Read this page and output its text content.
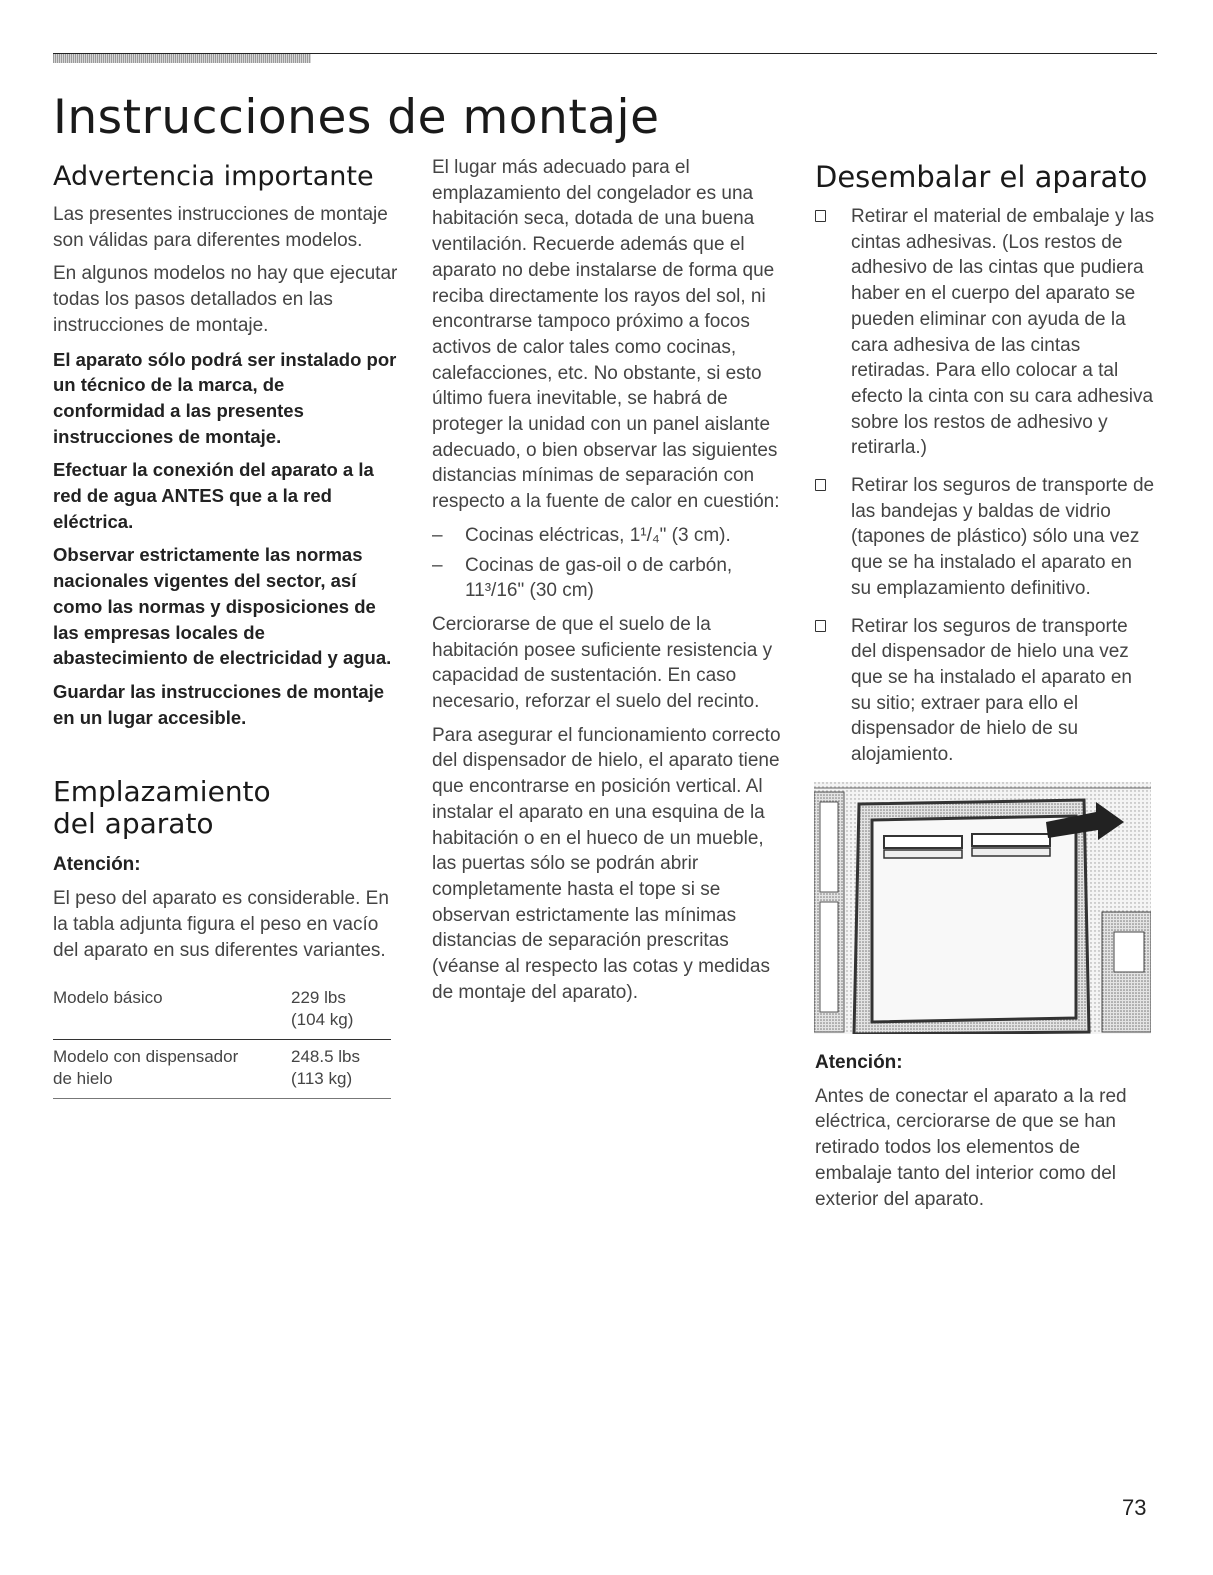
Instrucciones de montaje
Advertencia importante

Las presentes instrucciones de montaje son válidas para diferentes modelos.

En algunos modelos no hay que ejecutar todas los pasos detallados en las instrucciones de montaje.

El aparato sólo podrá ser instalado por un técnico de la marca, de conformidad a las presentes instrucciones de montaje.

Efectuar la conexión del aparato a la red de agua ANTES que a la red eléctrica.

Observar estrictamente las normas nacionales vigentes del sector, así como las normas y disposiciones de las empresas locales de abastecimiento de electricidad y agua.

Guardar las instrucciones de montaje en un lugar accesible.

Emplazamiento
del aparato
Atención:

El peso del aparato es considerable. En la tabla adjunta figura el peso en vacío del aparato en sus diferentes variantes.

Modelo básico	229 lbs
(104 kg)
Modelo con dispensador
de hielo
248.5 lbs
(113 kg)

El lugar más adecuado para el emplazamiento del congelador es una habitación seca, dotada de una buena ventilación. Recuerde además que el aparato no debe instalarse de forma que reciba directamente los rayos del sol, ni encontrarse tampoco próximo a focos activos de calor tales como cocinas, calefacciones, etc. No obstante, si esto último fuera inevitable, se habrá de proteger la unidad con un panel aislante adecuado, o bien observar las siguientes distancias mínimas de separación con respecto a la fuente de calor en cuestión:

– Cocinas eléctricas, 1¹/₄" (3 cm).
– Cocinas de gas-oil o de carbón, 11³/16" (30 cm)

Cerciorarse de que el suelo de la habitación posee suficiente resistencia y capacidad de sustentación. En caso necesario, reforzar el suelo del recinto.

Para asegurar el funcionamiento correcto del dispensador de hielo, el aparato tiene que encontrarse en posición vertical. Al instalar el aparato en una esquina de la habitación o en el hueco de un mueble, las puertas sólo se podrán abrir completamente hasta el tope si se observan estrictamente las mínimas distancias de separación prescritas (véanse al respecto las cotas y medidas de montaje del aparato).

Desembalar el aparato
Retirar el material de embalaje y las cintas adhesivas. (Los restos de adhesivo de las cintas que pudiera haber en el cuerpo del aparato se pueden eliminar con ayuda de la cara adhesiva de las cintas retiradas. Para ello colocar a tal efecto la cinta con su cara adhesiva sobre los restos de adhesivo y retirarla.)
Retirar los seguros de transporte de las bandejas y baldas de vidrio (tapones de plástico) sólo una vez que se ha instalado el aparato en su emplazamiento definitivo.
Retirar los seguros de transporte del dispensador de hielo una vez que se ha instalado el aparato en su sitio; extraer para ello el dispensador de hielo de su alojamiento.
Atención:

Antes de conectar el aparato a la red eléctrica, cerciorarse de que se han retirado todos los elementos de embalaje tanto del interior como del exterior del aparato.

73
